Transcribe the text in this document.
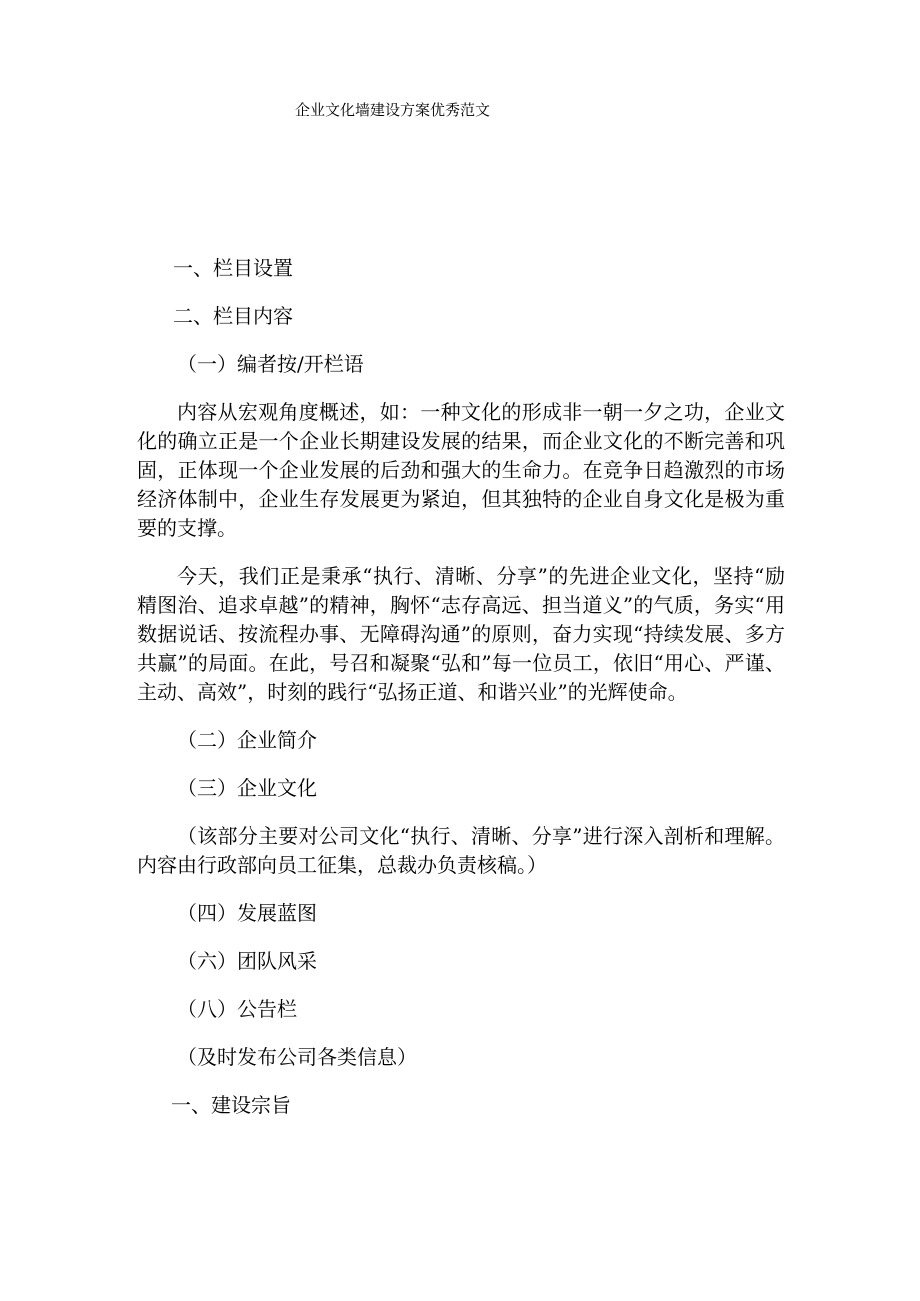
企业文化墙建设方案优秀范文

一、栏目设置

二、栏目内容

（一）编者按/开栏语

内容从宏观角度概述，如：一种文化的形成非一朝一夕之功，企业文化的确立正是一个企业长期建设发展的结果，而企业文化的不断完善和巩固，正体现一个企业发展的后劲和强大的生命力。在竞争日趋激烈的市场经济体制中，企业生存发展更为紧迫，但其独特的企业自身文化是极为重要的支撑。

今天，我们正是秉承“执行、清晰、分享”的先进企业文化，坚持“励精图治、追求卓越”的精神，胸怀“志存高远、担当道义”的气质，务实“用数据说话、按流程办事、无障碍沟通”的原则，奋力实现“持续发展、多方共赢”的局面。在此，号召和凝聚“弘和”每一位员工，依旧“用心、严谨、主动、高效”，时刻的践行“弘扬正道、和谐兴业”的光辉使命。

（二）企业简介

（三）企业文化

（该部分主要对公司文化“执行、清晰、分享”进行深入剖析和理解。内容由行政部向员工征集，总裁办负责核稿。）

（四）发展蓝图

（六）团队风采

（八）公告栏

（及时发布公司各类信息）

一、建设宗旨
